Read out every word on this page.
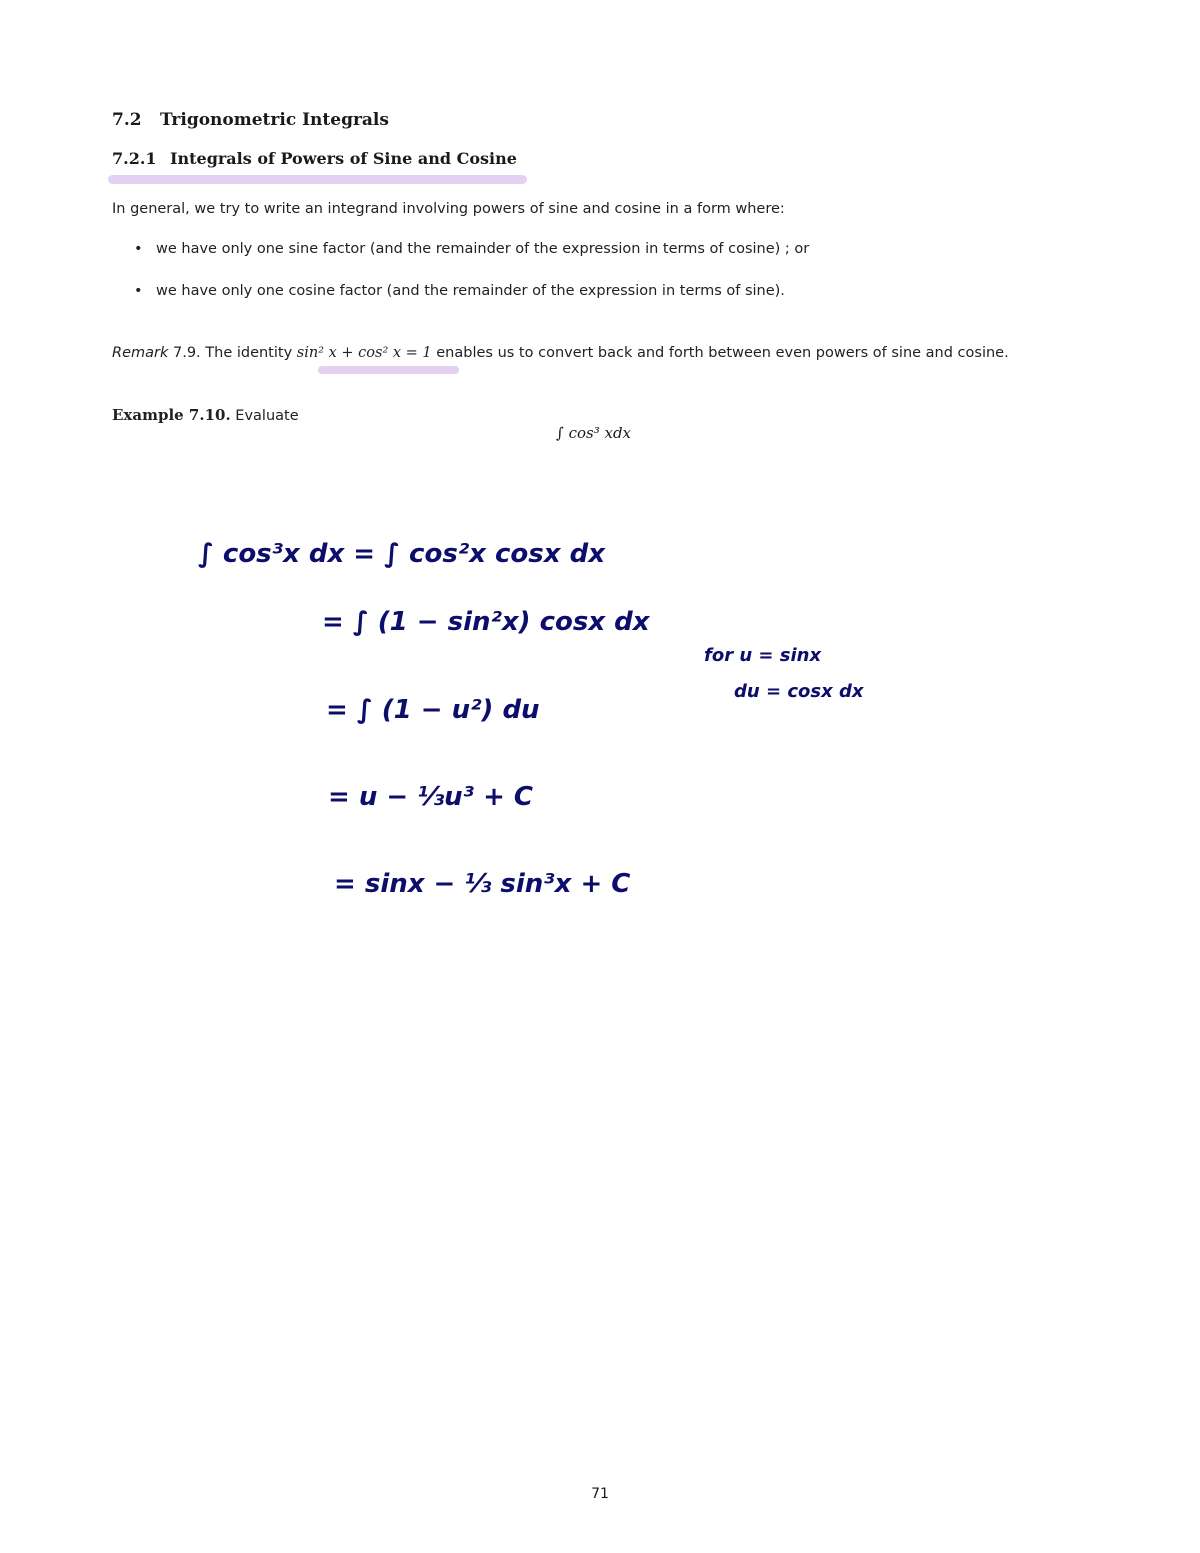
7.2 Trigonometric Integrals
7.2.1 Integrals of Powers of Sine and Cosine
In general, we try to write an integrand involving powers of sine and cosine in a form where:
• we have only one sine factor (and the remainder of the expression in terms of cosine) ; or
• we have only one cosine factor (and the remainder of the expression in terms of sine).
Remark 7.9. The identity sin² x + cos² x = 1 enables us to convert back and forth between even powers of sine and cosine.
Example 7.10. Evaluate
∫ cos³ xdx
∫ cos³x dx = ∫ cos²x cosx dx
= ∫ (1 − sin²x) cosx dx
= ∫ (1 − u²) du
= u − ⅓u³ + C
= sinx − ⅓ sin³x + C
for u = sinx
du = cosx dx
71
